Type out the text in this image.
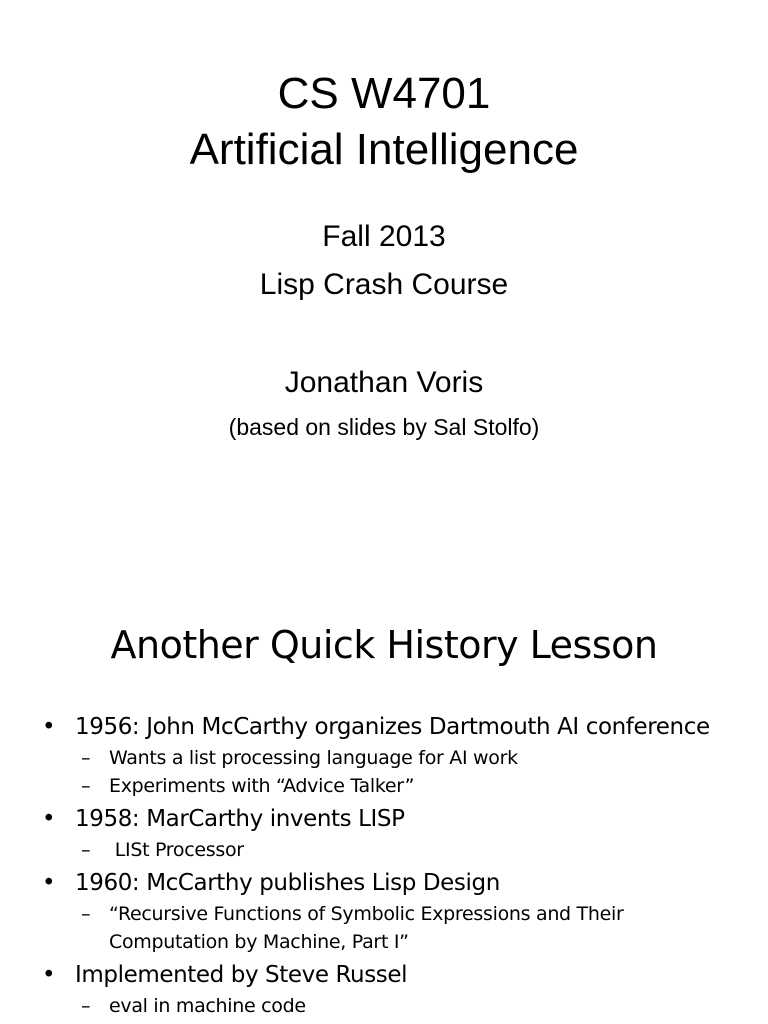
CS W4701
Artificial Intelligence
Fall 2013
Lisp Crash Course
Jonathan Voris
(based on slides by Sal Stolfo)
Another Quick History Lesson
• 1956: John McCarthy organizes Dartmouth AI conference
– Wants a list processing language for AI work
– Experiments with “Advice Talker”
• 1958: MarCarthy invents LISP
– LISt Processor
• 1960: McCarthy publishes Lisp Design
– “Recursive Functions of Symbolic Expressions and Their Computation by Machine, Part I”
• Implemented by Steve Russel
– eval in machine code
